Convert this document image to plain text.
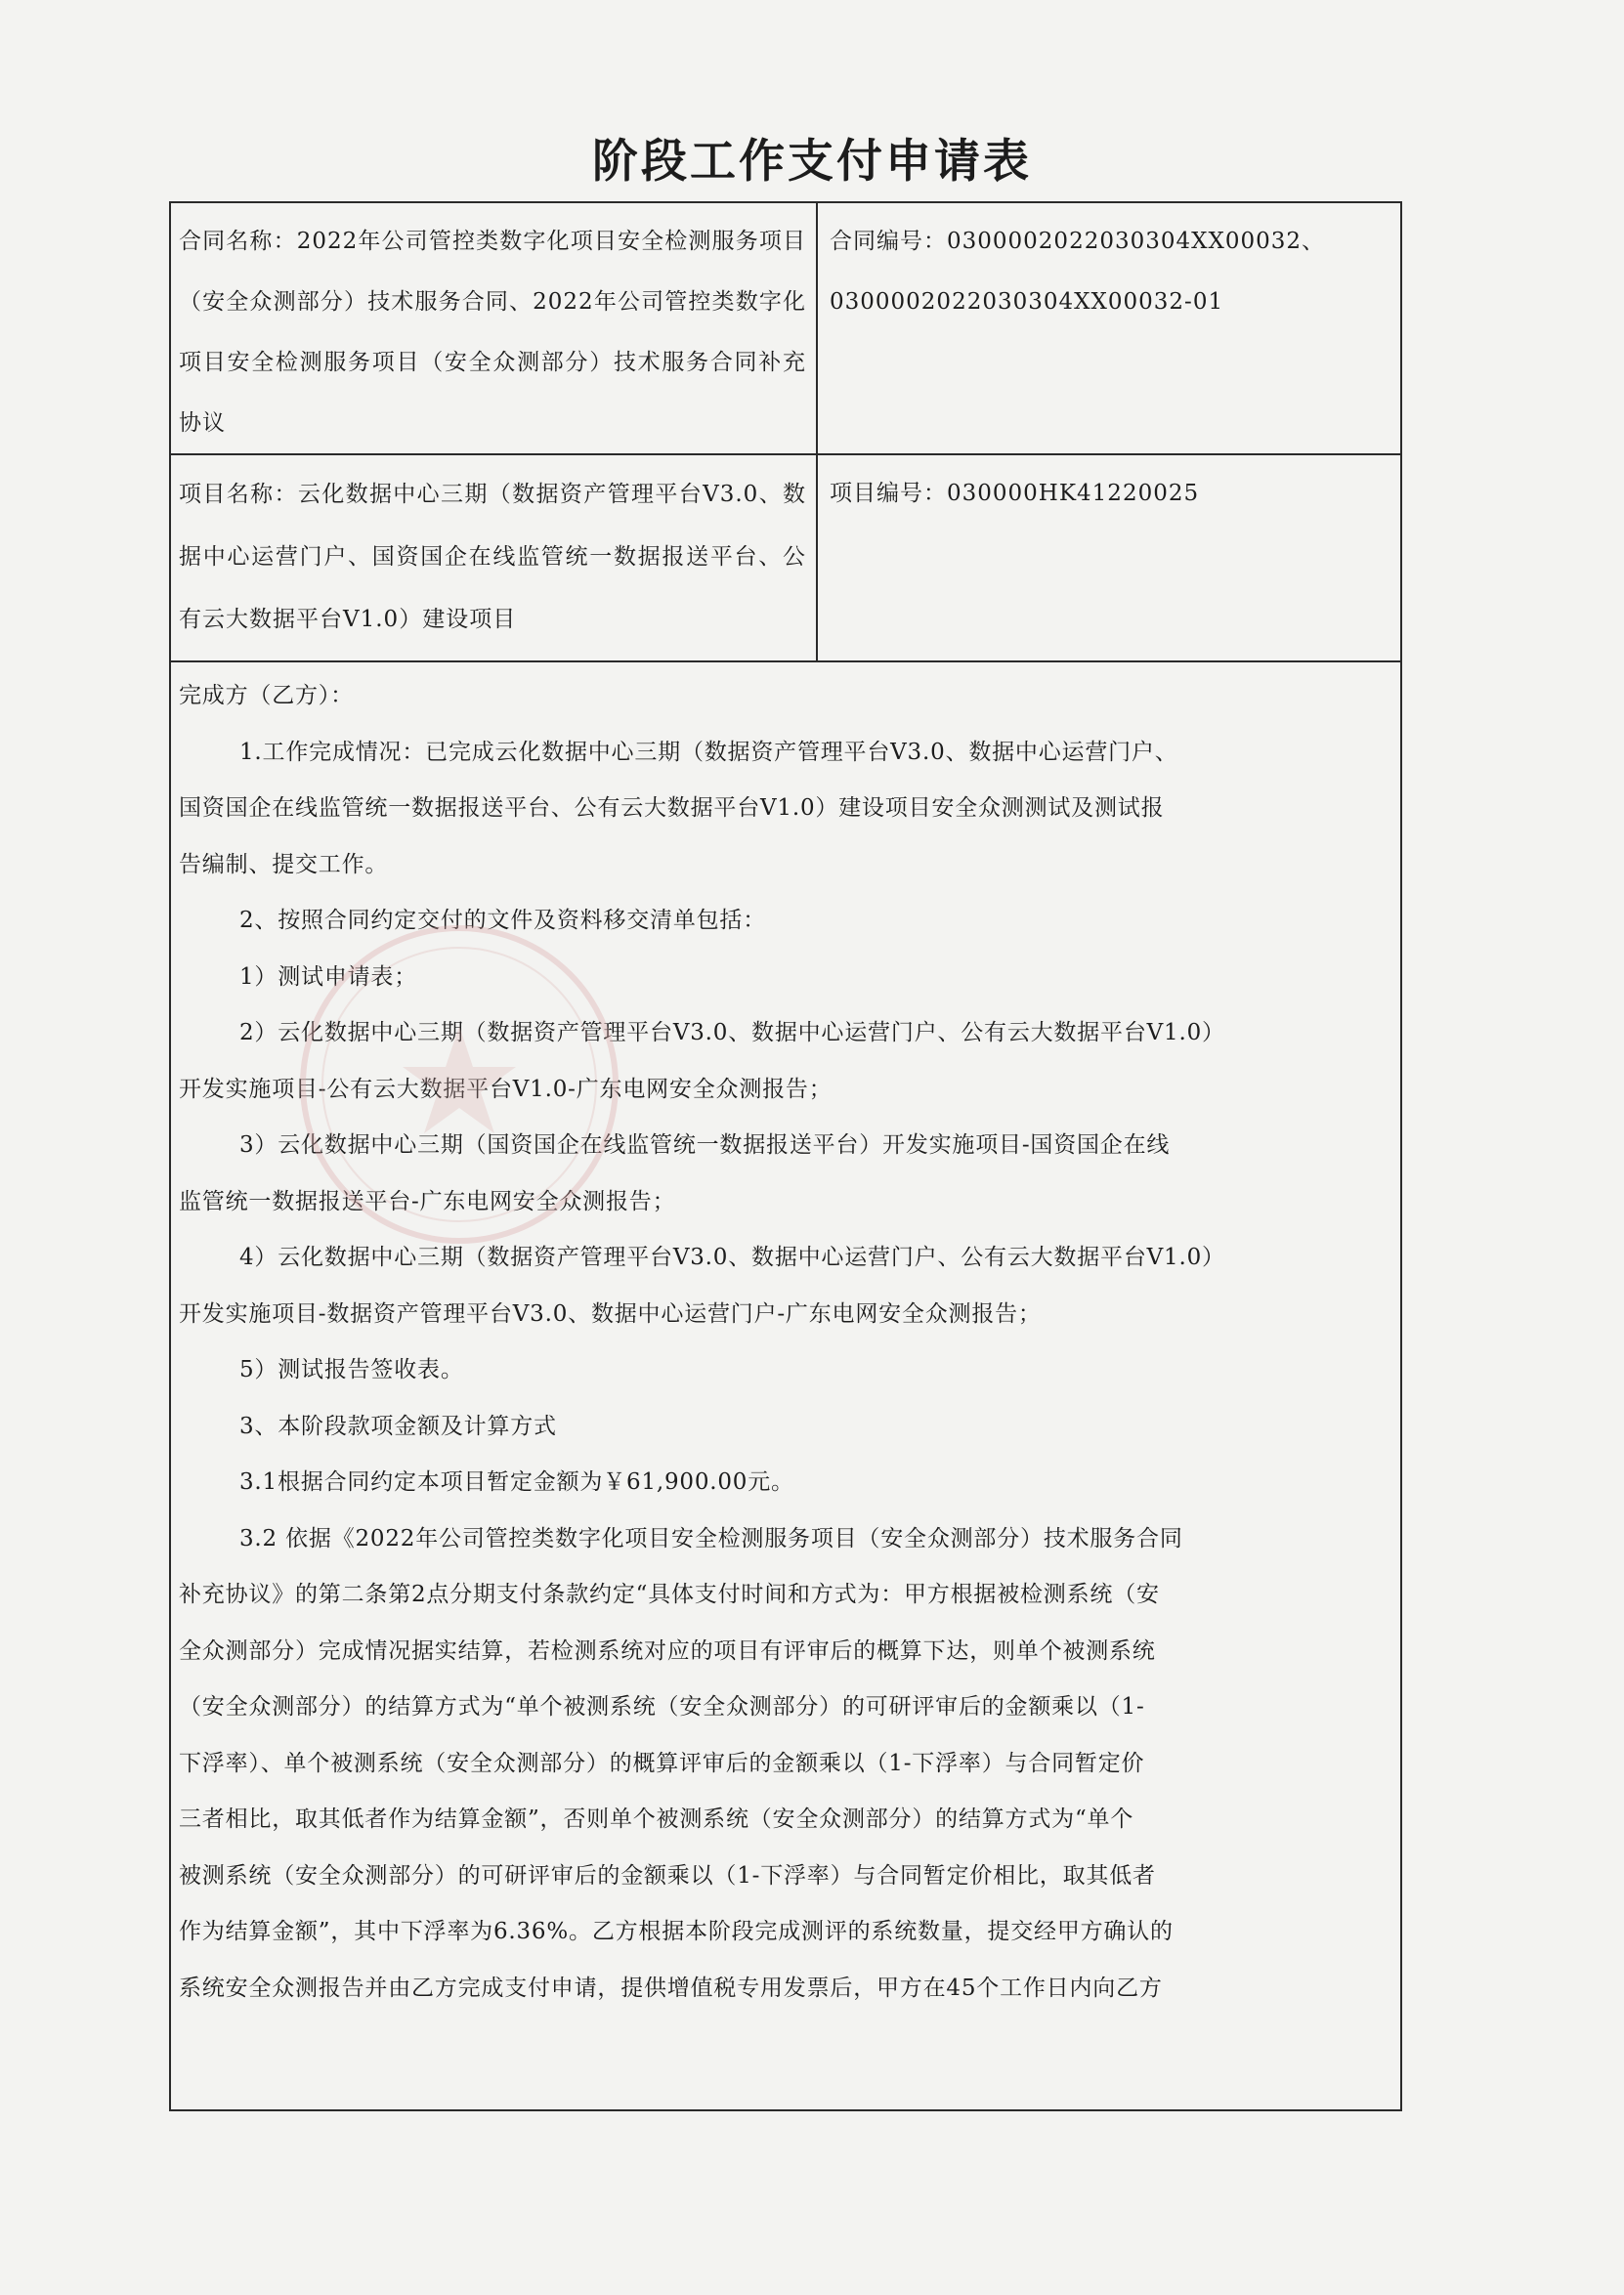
阶段工作支付申请表

合同名称：2022年公司管控类数字化项目安全检测服务项目（安全众测部分）技术服务合同、2022年公司管控类数字化项目安全检测服务项目（安全众测部分）技术服务合同补充协议

合同编号：0300002022030304XX00032、

0300002022030304XX00032-01

项目名称：云化数据中心三期（数据资产管理平台V3.0、数据中心运营门户、国资国企在线监管统一数据报送平台、公有云大数据平台V1.0）建设项目

项目编号：030000HK41220025

完成方（乙方）：

1.工作完成情况：已完成云化数据中心三期（数据资产管理平台V3.0、数据中心运营门户、

国资国企在线监管统一数据报送平台、公有云大数据平台V1.0）建设项目安全众测测试及测试报

告编制、提交工作。

2、按照合同约定交付的文件及资料移交清单包括：

1）测试申请表；

2）云化数据中心三期（数据资产管理平台V3.0、数据中心运营门户、公有云大数据平台V1.0）

开发实施项目-公有云大数据平台V1.0-广东电网安全众测报告；

3）云化数据中心三期（国资国企在线监管统一数据报送平台）开发实施项目-国资国企在线

监管统一数据报送平台-广东电网安全众测报告；

4）云化数据中心三期（数据资产管理平台V3.0、数据中心运营门户、公有云大数据平台V1.0）

开发实施项目-数据资产管理平台V3.0、数据中心运营门户-广东电网安全众测报告；

5）测试报告签收表。

3、本阶段款项金额及计算方式

3.1根据合同约定本项目暂定金额为￥61,900.00元。

3.2 依据《2022年公司管控类数字化项目安全检测服务项目（安全众测部分）技术服务合同

补充协议》的第二条第2点分期支付条款约定“具体支付时间和方式为：甲方根据被检测系统（安

全众测部分）完成情况据实结算，若检测系统对应的项目有评审后的概算下达，则单个被测系统

（安全众测部分）的结算方式为“单个被测系统（安全众测部分）的可研评审后的金额乘以（1-

下浮率）、单个被测系统（安全众测部分）的概算评审后的金额乘以（1-下浮率）与合同暂定价

三者相比，取其低者作为结算金额”，否则单个被测系统（安全众测部分）的结算方式为“单个

被测系统（安全众测部分）的可研评审后的金额乘以（1-下浮率）与合同暂定价相比，取其低者

作为结算金额”，其中下浮率为6.36%。乙方根据本阶段完成测评的系统数量，提交经甲方确认的

系统安全众测报告并由乙方完成支付申请，提供增值税专用发票后，甲方在45个工作日内向乙方
